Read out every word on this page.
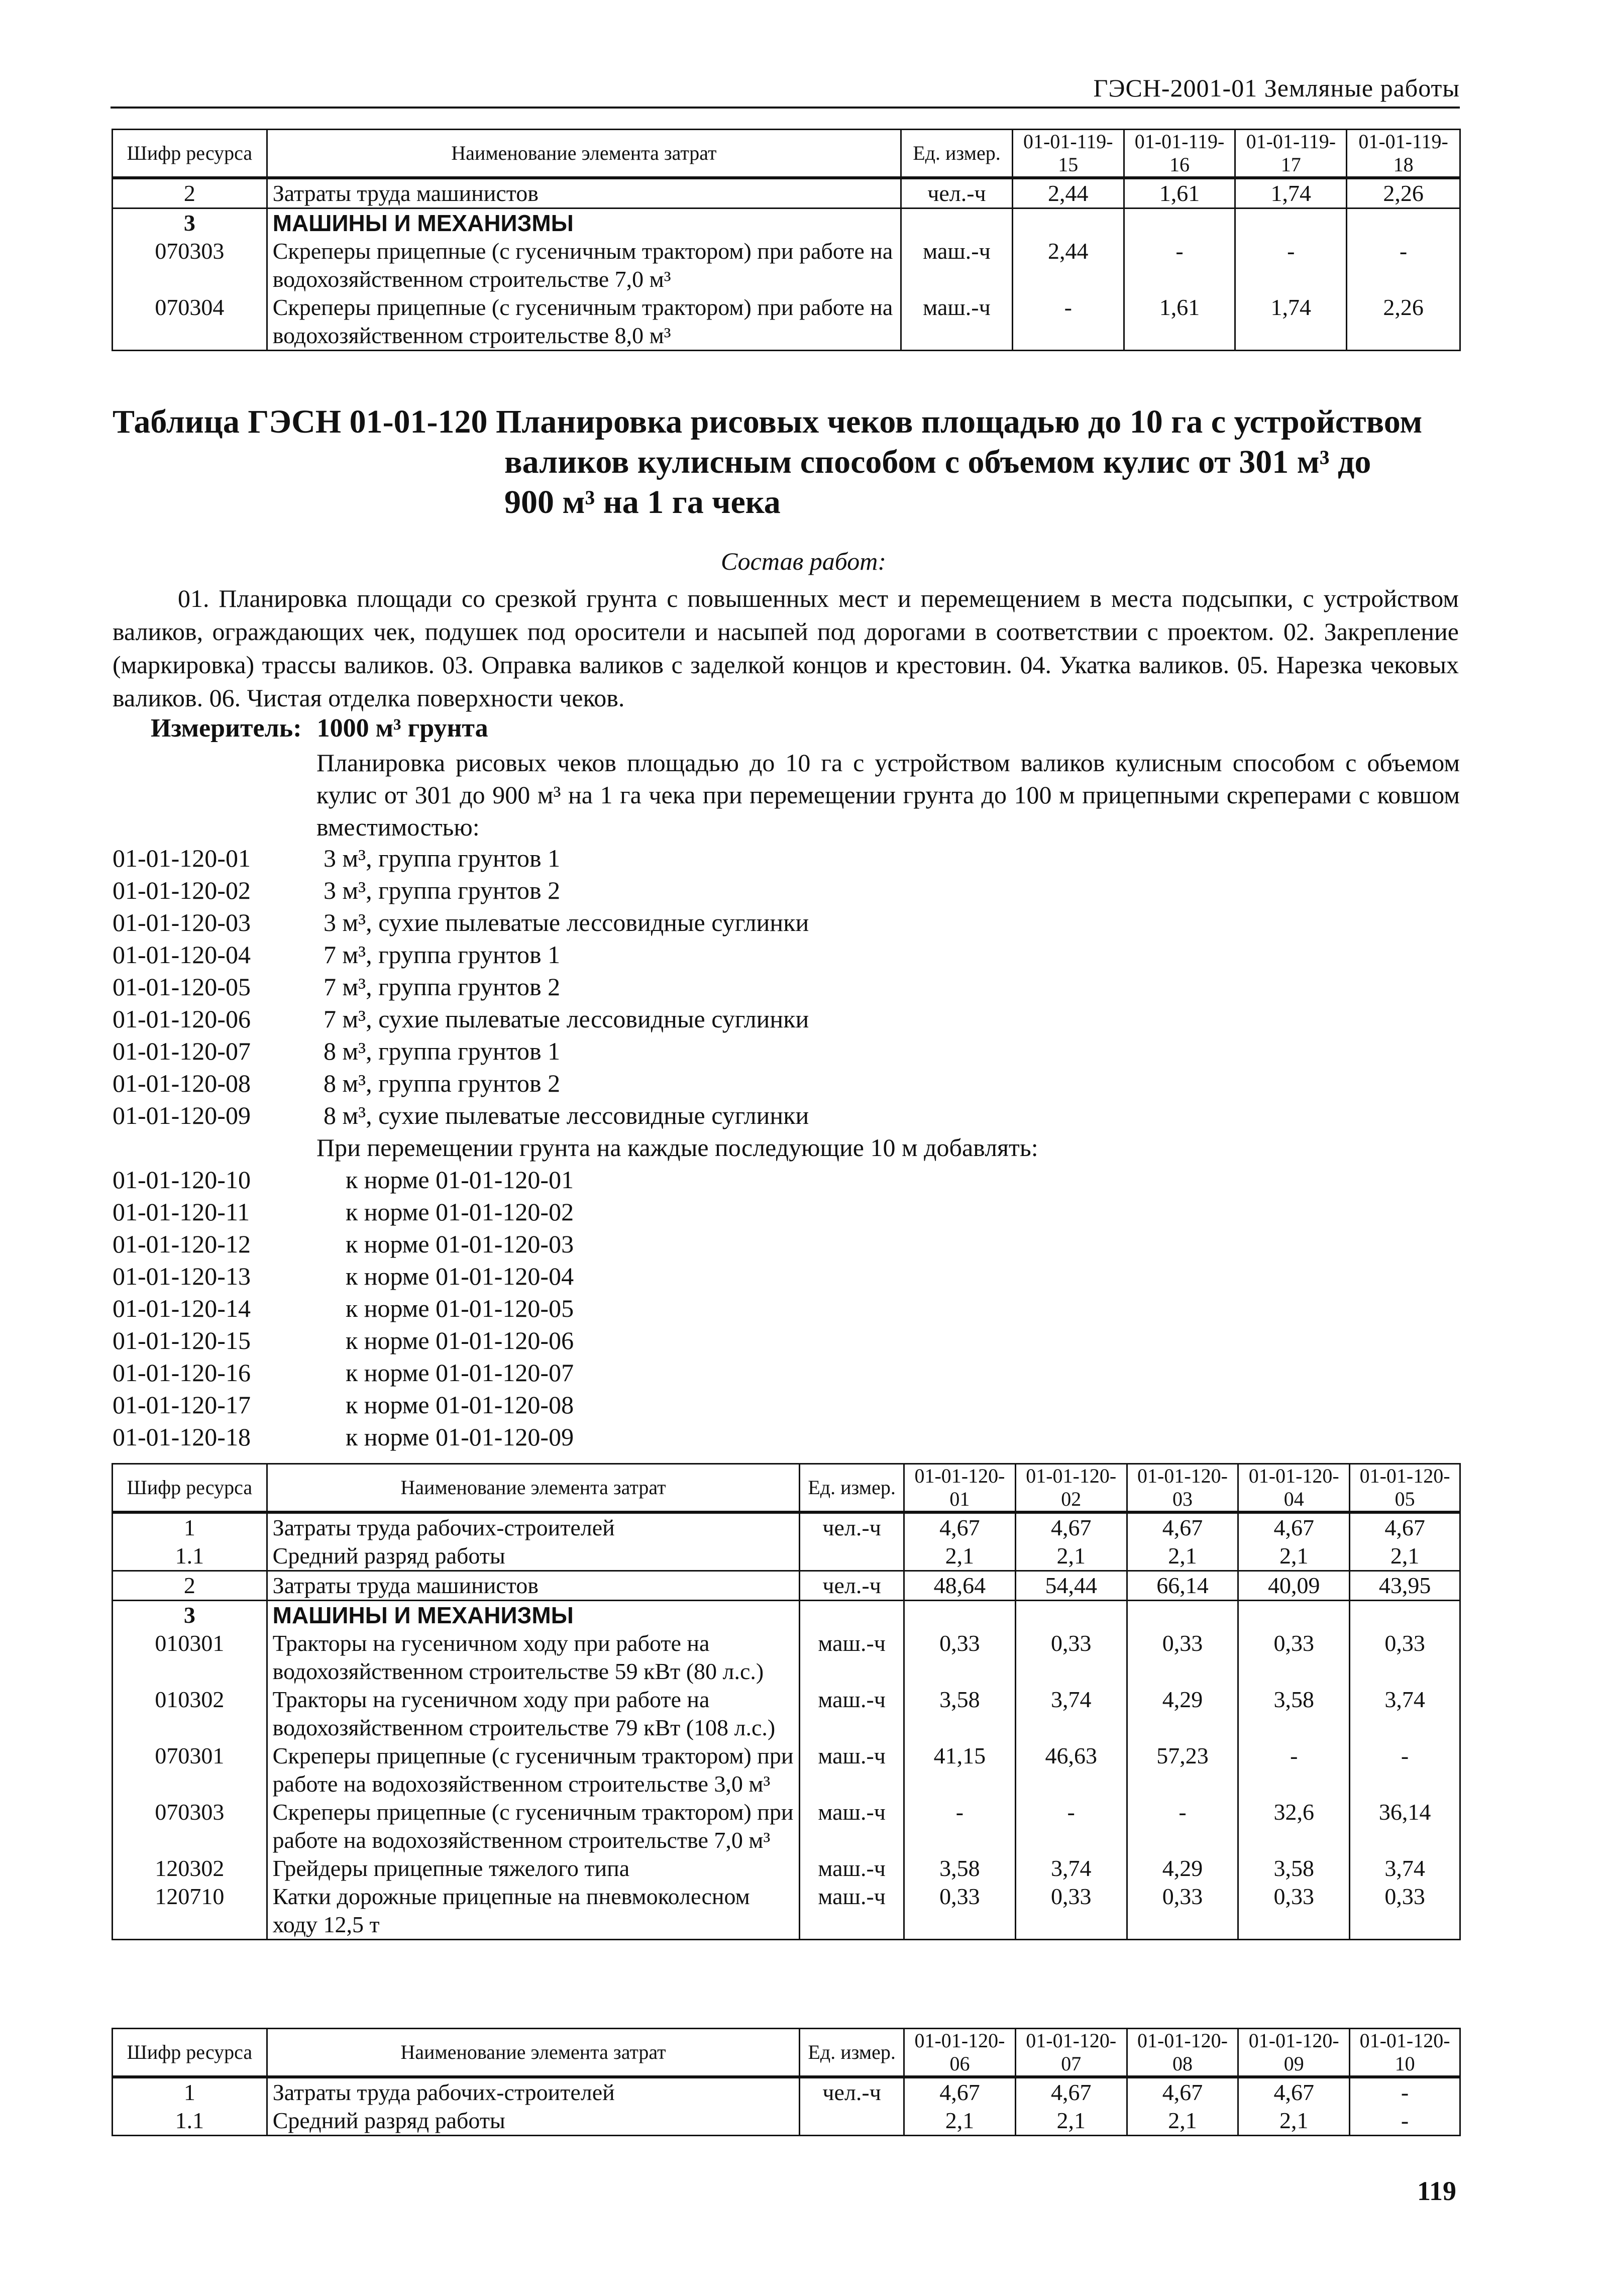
ГЭСН-2001-01 Земляные работы
Шифр ресурса	Наименование элемента затрат	Ед. измер.	01-01-119-15	01-01-119-16	01-01-119-17	01-01-119-18
2	Затраты труда машинистов	чел.-ч	2,44	1,61	1,74	2,26
3	МАШИНЫ И МЕХАНИЗМЫ					
070303	Скреперы прицепные (с гусеничным трактором) при работе на водохозяйственном строительстве 7,0 м³	маш.-ч	2,44	-	-	-
070304	Скреперы прицепные (с гусеничным трактором) при работе на водохозяйственном строительстве 8,0 м³	маш.-ч	-	1,61	1,74	2,26
Таблица ГЭСН 01-01-120 Планировка рисовых чеков площадью до 10 га с устройством
валиков кулисным способом с объемом кулис от 301 м³ до
900 м³ на 1 га чека
Состав работ:
01. Планировка площади со срезкой грунта с повышенных мест и перемещением в места подсыпки, с устройством валиков, ограждающих чек, подушек под оросители и насыпей под дорогами в соответствии с проектом. 02. Закрепление (маркировка) трассы валиков. 03. Оправка валиков с заделкой концов и крестовин. 04. Укатка валиков. 05. Нарезка чековых валиков. 06. Чистая отделка поверхности чеков.
Измеритель: 1000 м³ грунта
Планировка рисовых чеков площадью до 10 га с устройством валиков кулисным способом с объемом кулис от 301 до 900 м³ на 1 га чека при перемещении грунта до 100 м прицепными скреперами с ковшом вместимостью:
01-01-120-01	3 м³, группа грунтов 1
01-01-120-02	3 м³, группа грунтов 2
01-01-120-03	3 м³, сухие пылеватые лессовидные суглинки
01-01-120-04	7 м³, группа грунтов 1
01-01-120-05	7 м³, группа грунтов 2
01-01-120-06	7 м³, сухие пылеватые лессовидные суглинки
01-01-120-07	8 м³, группа грунтов 1
01-01-120-08	8 м³, группа грунтов 2
01-01-120-09	8 м³, сухие пылеватые лессовидные суглинки
При перемещении грунта на каждые последующие 10 м добавлять:
01-01-120-10	к норме 01-01-120-01
01-01-120-11	к норме 01-01-120-02
01-01-120-12	к норме 01-01-120-03
01-01-120-13	к норме 01-01-120-04
01-01-120-14	к норме 01-01-120-05
01-01-120-15	к норме 01-01-120-06
01-01-120-16	к норме 01-01-120-07
01-01-120-17	к норме 01-01-120-08
01-01-120-18	к норме 01-01-120-09
Шифр ресурса	Наименование элемента затрат	Ед. измер.	01-01-120-01	01-01-120-02	01-01-120-03	01-01-120-04	01-01-120-05
1	Затраты труда рабочих-строителей	чел.-ч	4,67	4,67	4,67	4,67	4,67
1.1	Средний разряд работы		2,1	2,1	2,1	2,1	2,1
2	Затраты труда машинистов	чел.-ч	48,64	54,44	66,14	40,09	43,95
3	МАШИНЫ И МЕХАНИЗМЫ						
010301	Тракторы на гусеничном ходу при работе на водохозяйственном строительстве 59 кВт (80 л.с.)	маш.-ч	0,33	0,33	0,33	0,33	0,33
010302	Тракторы на гусеничном ходу при работе на водохозяйственном строительстве 79 кВт (108 л.с.)	маш.-ч	3,58	3,74	4,29	3,58	3,74
070301	Скреперы прицепные (с гусеничным трактором) при работе на водохозяйственном строительстве 3,0 м³	маш.-ч	41,15	46,63	57,23	-	-
070303	Скреперы прицепные (с гусеничным трактором) при работе на водохозяйственном строительстве 7,0 м³	маш.-ч	-	-	-	32,6	36,14
120302	Грейдеры прицепные тяжелого типа	маш.-ч	3,58	3,74	4,29	3,58	3,74
120710	Катки дорожные прицепные на пневмоколесном ходу 12,5 т	маш.-ч	0,33	0,33	0,33	0,33	0,33
Шифр ресурса	Наименование элемента затрат	Ед. измер.	01-01-120-06	01-01-120-07	01-01-120-08	01-01-120-09	01-01-120-10
1	Затраты труда рабочих-строителей	чел.-ч	4,67	4,67	4,67	4,67	-
1.1	Средний разряд работы		2,1	2,1	2,1	2,1	-
119
